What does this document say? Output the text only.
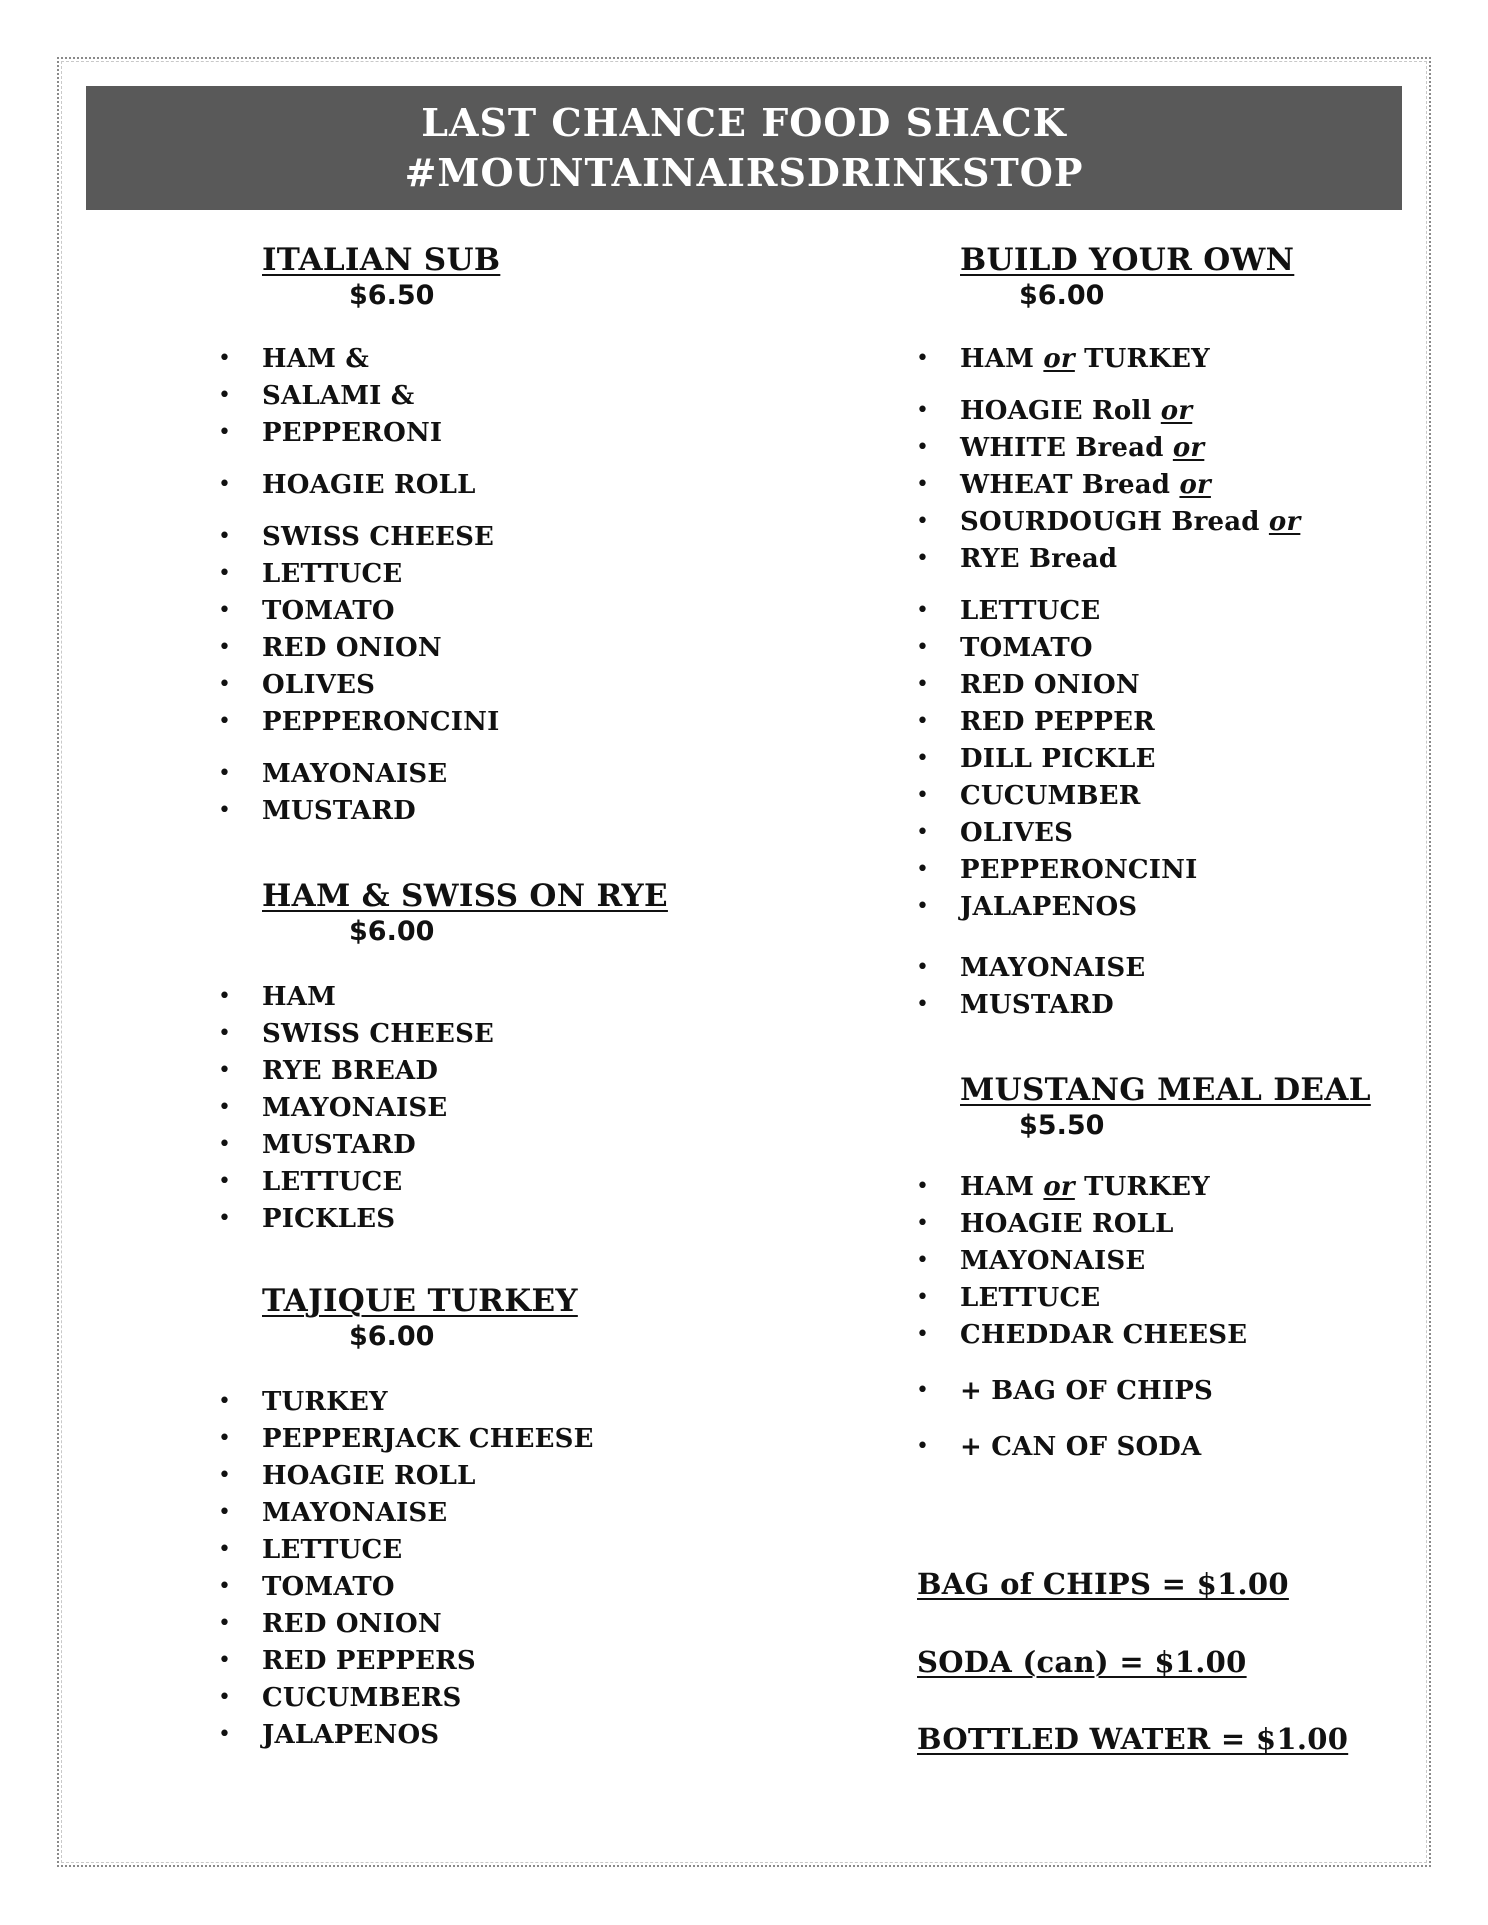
LAST CHANCE FOOD SHACK
#MOUNTAINAIRSDRINKSTOP
ITALIAN SUB
$6.50
• HAM &
• SALAMI &
• PEPPERONI
• HOAGIE ROLL
• SWISS CHEESE
• LETTUCE
• TOMATO
• RED ONION
• OLIVES
• PEPPERONCINI
• MAYONAISE
• MUSTARD
HAM & SWISS ON RYE
$6.00
• HAM
• SWISS CHEESE
• RYE BREAD
• MAYONAISE
• MUSTARD
• LETTUCE
• PICKLES
TAJIQUE TURKEY
$6.00
• TURKEY
• PEPPERJACK CHEESE
• HOAGIE ROLL
• MAYONAISE
• LETTUCE
• TOMATO
• RED ONION
• RED PEPPERS
• CUCUMBERS
• JALAPENOS
BUILD YOUR OWN
$6.00
• HAM or TURKEY
• HOAGIE Roll or
• WHITE Bread or
• WHEAT Bread or
• SOURDOUGH Bread or
• RYE Bread
• LETTUCE
• TOMATO
• RED ONION
• RED PEPPER
• DILL PICKLE
• CUCUMBER
• OLIVES
• PEPPERONCINI
• JALAPENOS
• MAYONAISE
• MUSTARD
MUSTANG MEAL DEAL
$5.50
• HAM or TURKEY
• HOAGIE ROLL
• MAYONAISE
• LETTUCE
• CHEDDAR CHEESE
• + BAG OF CHIPS
• + CAN OF SODA
BAG of CHIPS = $1.00
SODA (can) = $1.00
BOTTLED WATER = $1.00
